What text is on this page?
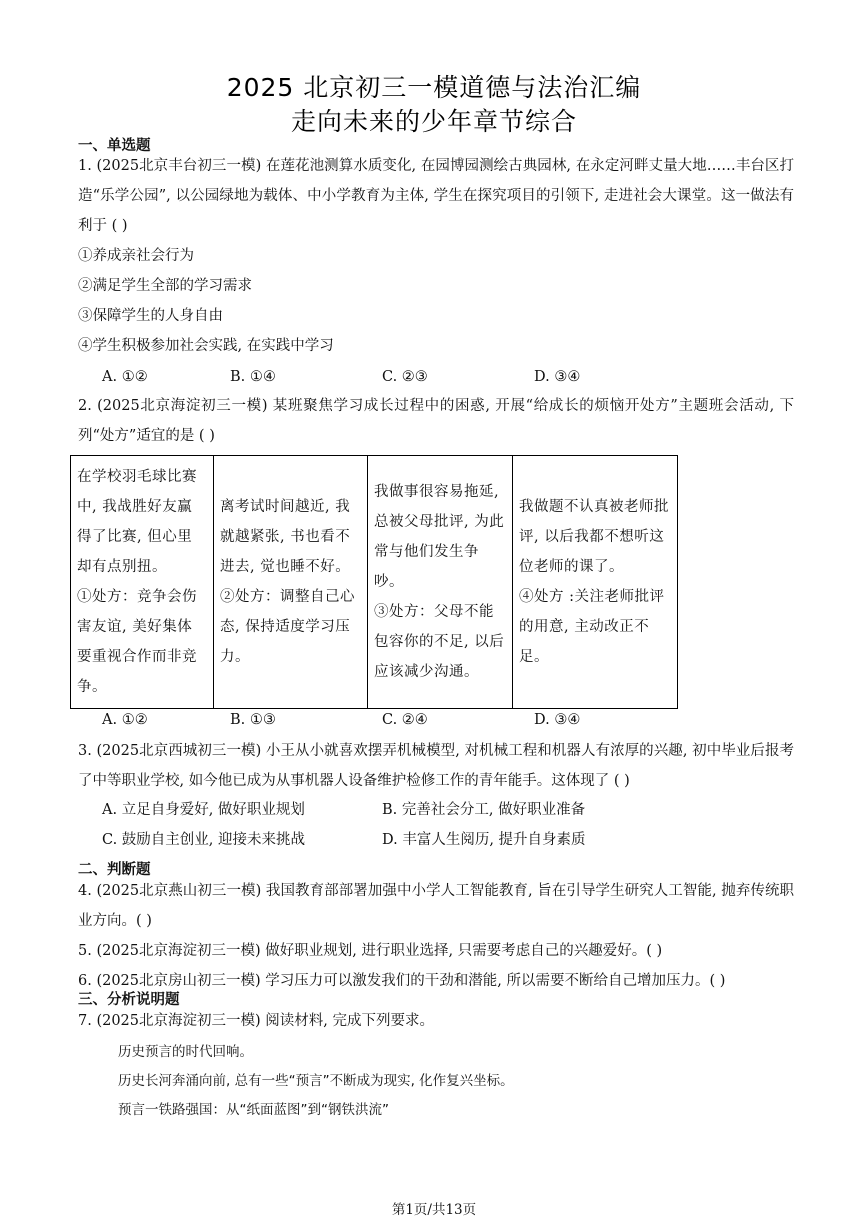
2025 北京初三一模道德与法治汇编
走向未来的少年章节综合
一、单选题
1. (2025北京丰台初三一模) 在莲花池测算水质变化, 在园博园测绘古典园林, 在永定河畔丈量大地……丰台区打造“乐学公园”, 以公园绿地为载体、中小学教育为主体, 学生在探究项目的引领下, 走进社会大课堂。这一做法有利于 ( )
①养成亲社会行为
②满足学生全部的学习需求
③保障学生的人身自由
④学生积极参加社会实践, 在实践中学习
A. ①②	B. ①④	C. ②③	D. ③④
2. (2025北京海淀初三一模) 某班聚焦学习成长过程中的困惑, 开展“给成长的烦恼开处方”主题班会活动, 下列“处方”适宜的是 ( )

在学校羽毛球比赛中, 我战胜好友赢得了比赛, 但心里却有点别扭。

①处方：竞争会伤害友谊, 美好集体要重视合作而非竞争。

离考试时间越近, 我就越紧张, 书也看不进去, 觉也睡不好。

②处方：调整自己心态, 保持适度学习压力。

我做事很容易拖延, 总被父母批评, 为此常与他们发生争吵。

③处方：父母不能包容你的不足, 以后应该减少沟通。

我做题不认真被老师批评, 以后我都不想听这位老师的课了。

④处方 :关注老师批评的用意, 主动改正不足。

A. ①②	B. ①③	C. ②④	D. ③④
3. (2025北京西城初三一模) 小王从小就喜欢摆弄机械模型, 对机械工程和机器人有浓厚的兴趣, 初中毕业后报考了中等职业学校, 如今他已成为从事机器人设备维护检修工作的青年能手。这体现了 ( )
A. 立足自身爱好, 做好职业规划	B. 完善社会分工, 做好职业准备
C. 鼓励自主创业, 迎接未来挑战	D. 丰富人生阅历, 提升自身素质
二、判断题
4. (2025北京燕山初三一模) 我国教育部部署加强中小学人工智能教育, 旨在引导学生研究人工智能, 抛弃传统职业方向。( )
5. (2025北京海淀初三一模) 做好职业规划, 进行职业选择, 只需要考虑自己的兴趣爱好。( )
6. (2025北京房山初三一模) 学习压力可以激发我们的干劲和潜能, 所以需要不断给自己增加压力。( )
三、分析说明题
7. (2025北京海淀初三一模) 阅读材料, 完成下列要求。
历史预言的时代回响。
历史长河奔涌向前, 总有一些“预言”不断成为现实, 化作复兴坐标。
预言一铁路强国：从“纸面蓝图”到“钢铁洪流”
第1页/共13页
